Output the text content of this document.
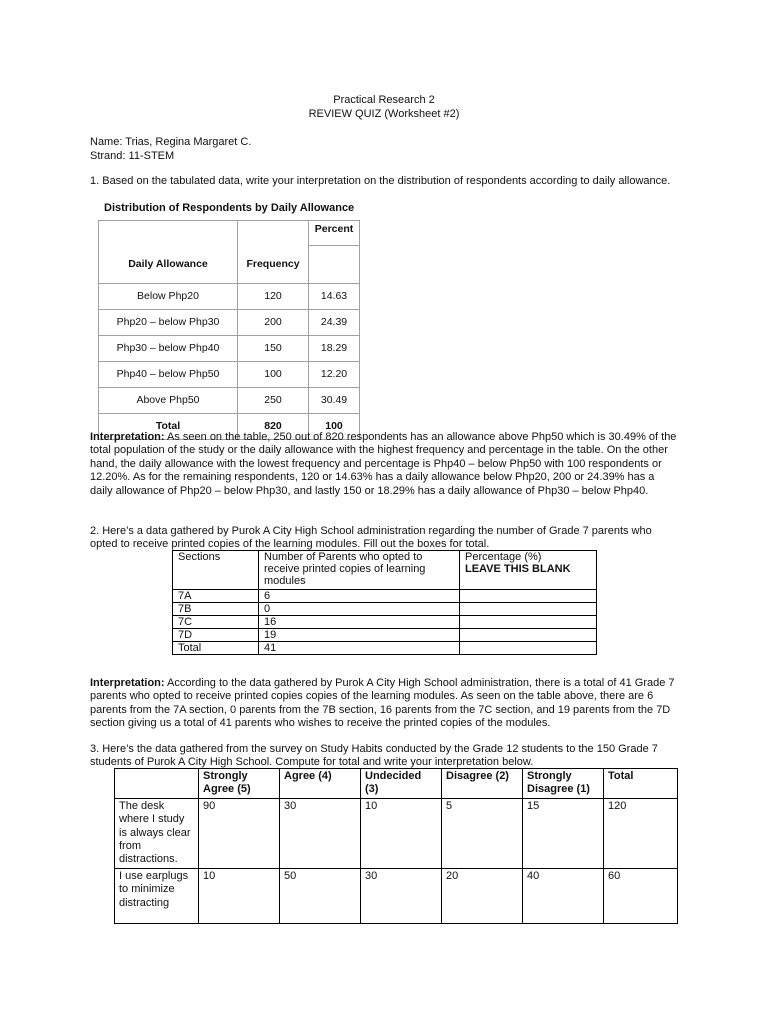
Practical Research 2
REVIEW QUIZ (Worksheet #2)
Name: Trias, Regina Margaret C.
Strand: 11-STEM
1. Based on the tabulated data, write your interpretation on the distribution of respondents according to daily allowance.
Distribution of Respondents by Daily Allowance
Daily Allowance	Frequency	Percent

Below Php20	120	14.63
Php20 – below Php30	200	24.39
Php30 – below Php40	150	18.29
Php40 – below Php50	100	12.20
Above Php50	250	30.49
Total	820	100
Interpretation: As seen on the table, 250 out of 820 respondents has an allowance above Php50 which is 30.49% of the total population of the study or the daily allowance with the highest frequency and percentage in the table. On the other hand, the daily allowance with the lowest frequency and percentage is Php40 – below Php50 with 100 respondents or 12.20%. As for the remaining respondents, 120 or 14.63% has a daily allowance below Php20, 200 or 24.39% has a daily allowance of Php20 – below Php30, and lastly 150 or 18.29% has a daily allowance of Php30 – below Php40.
2. Here’s a data gathered by Purok A City High School administration regarding the number of Grade 7 parents who opted to receive printed copies of the learning modules. Fill out the boxes for total.
Sections	Number of Parents who opted to receive printed copies of learning modules	Percentage (%)
LEAVE THIS BLANK
7A	6	
7B	0	
7C	16	
7D	19	
Total	41	
Interpretation: According to the data gathered by Purok A City High School administration, there is a total of 41 Grade 7 parents who opted to receive printed copies copies of the learning modules. As seen on the table above, there are 6 parents from the 7A section, 0 parents from the 7B section, 16 parents from the 7C section, and 19 parents from the 7D section giving us a total of 41 parents who wishes to receive the printed copies of the modules.
3. Here’s the data gathered from the survey on Study Habits conducted by the Grade 12 students to the 150 Grade 7 students of Purok A City High School. Compute for total and write your interpretation below.
	Strongly Agree (5)	Agree (4)	Undecided (3)	Disagree (2)	Strongly Disagree (1)	Total
The desk where I study is always clear from distractions.	90	30	10	5	15	120
I use earplugs to minimize distracting	10	50	30	20	40	60
